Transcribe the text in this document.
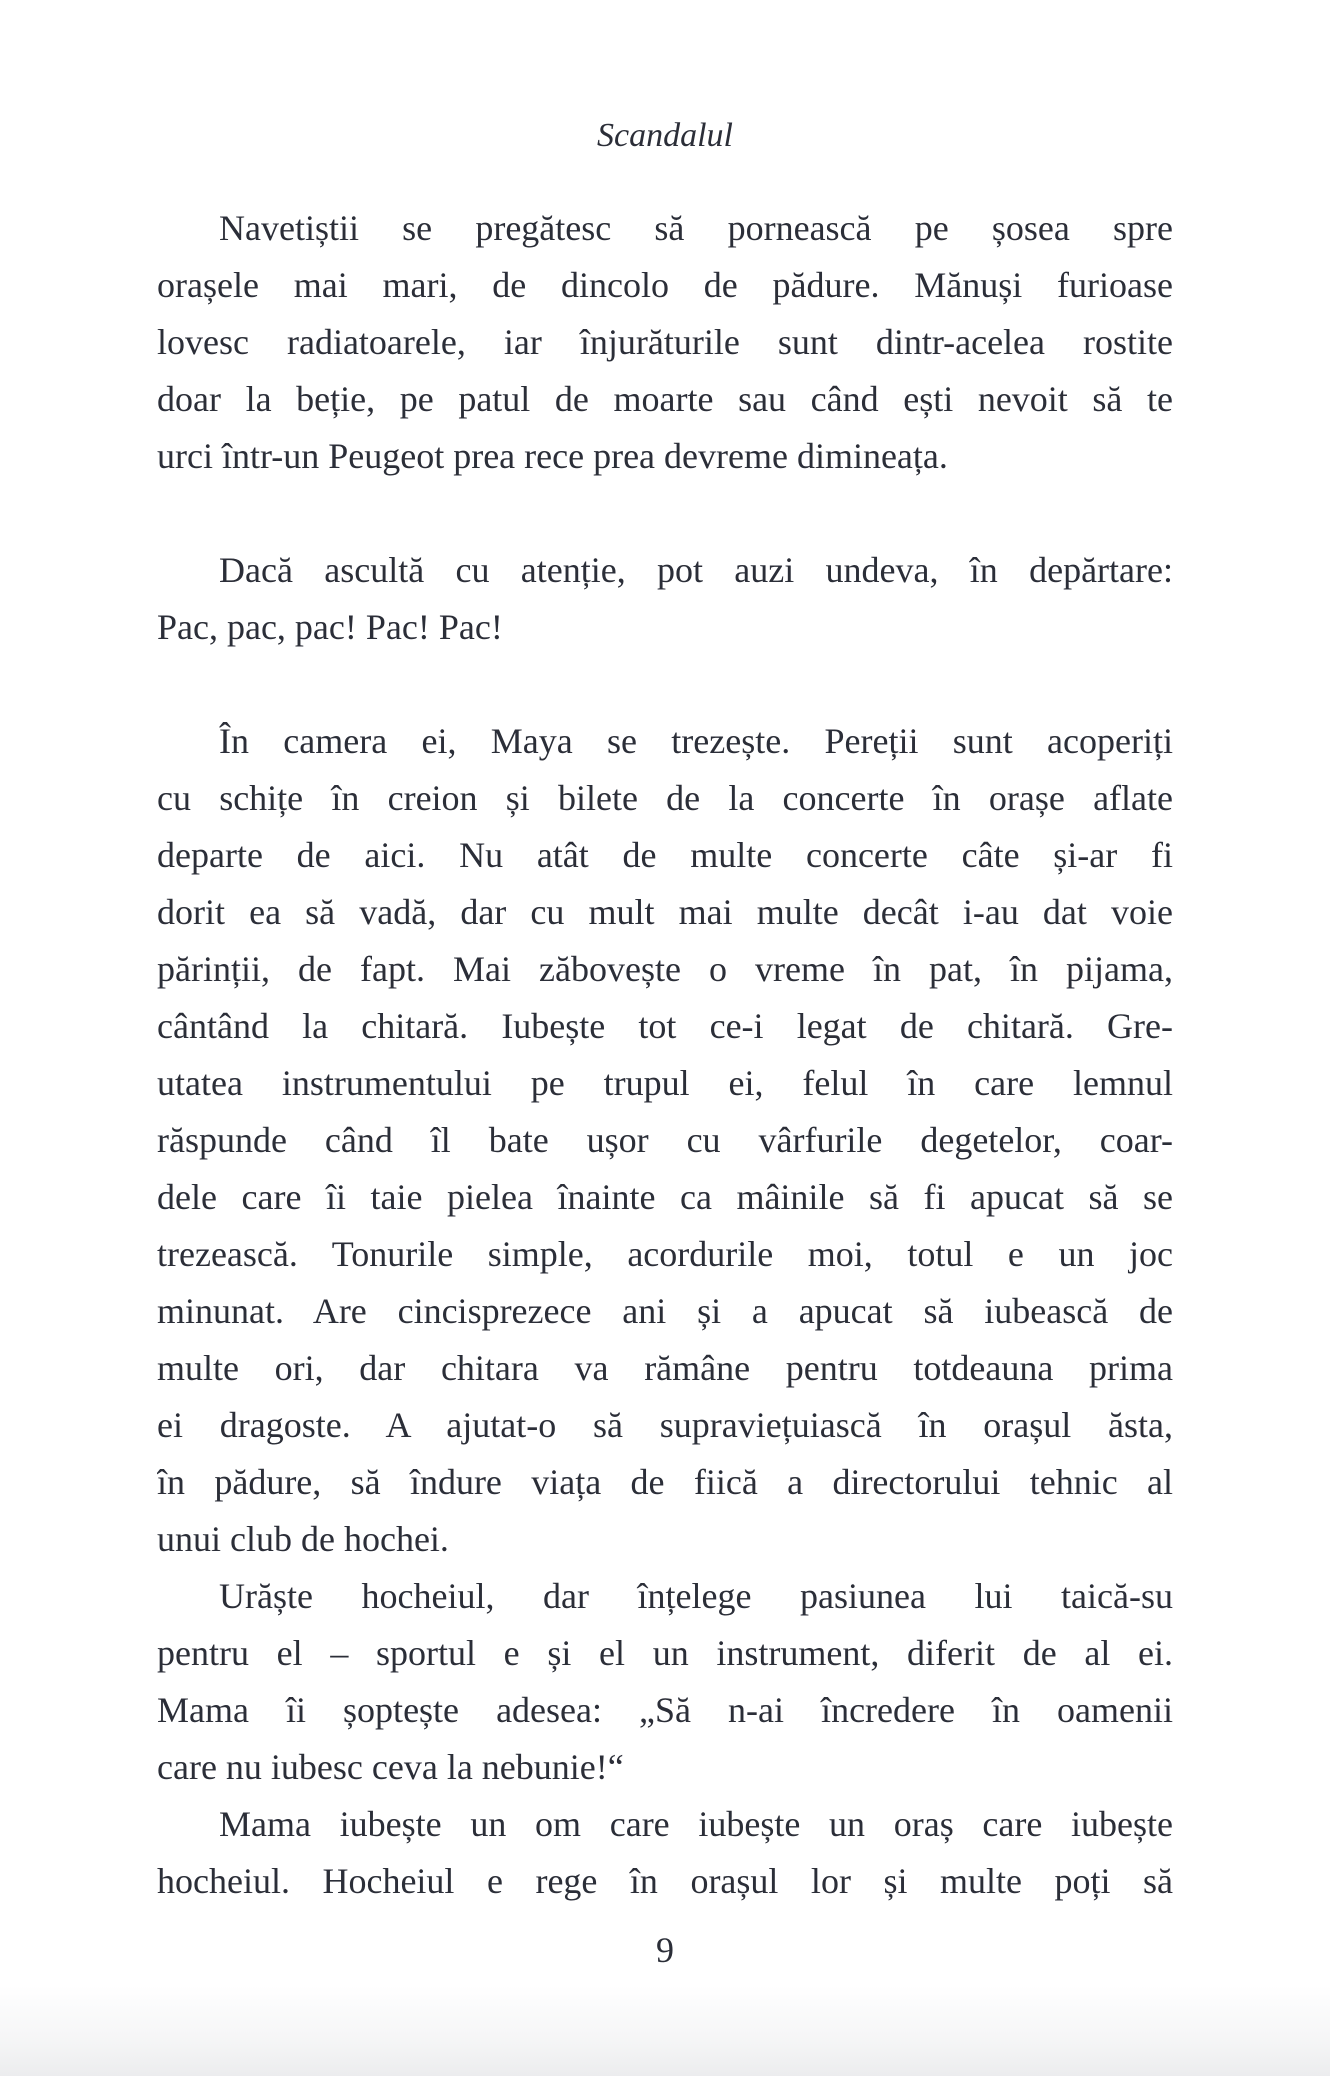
Scandalul
Navetiștii se pregătesc să pornească pe șosea spre
orașele mai mari, de dincolo de pădure. Mănuși furioase
lovesc radiatoarele, iar înjurăturile sunt dintr-acelea rostite
doar la beție, pe patul de moarte sau când ești nevoit să te
urci într-un Peugeot prea rece prea devreme dimineața.
Dacă ascultă cu atenție, pot auzi undeva, în depărtare:
Pac, pac, pac! Pac! Pac!
În camera ei, Maya se trezește. Pereții sunt acoperiți
cu schițe în creion și bilete de la concerte în orașe aflate
departe de aici. Nu atât de multe concerte câte și-ar fi
dorit ea să vadă, dar cu mult mai multe decât i-au dat voie
părinții, de fapt. Mai zăbovește o vreme în pat, în pijama,
cântând la chitară. Iubește tot ce-i legat de chitară. Gre-
utatea instrumentului pe trupul ei, felul în care lemnul
răspunde când îl bate ușor cu vârfurile degetelor, coar-
dele care îi taie pielea înainte ca mâinile să fi apucat să se
trezească. Tonurile simple, acordurile moi, totul e un joc
minunat. Are cincisprezece ani și a apucat să iubească de
multe ori, dar chitara va rămâne pentru totdeauna prima
ei dragoste. A ajutat-o să supraviețuiască în orașul ăsta,
în pădure, să îndure viața de fiică a directorului tehnic al
unui club de hochei.
Urăște hocheiul, dar înțelege pasiunea lui taică-su
pentru el – sportul e și el un instrument, diferit de al ei.
Mama îi șoptește adesea: „Să n-ai încredere în oamenii
care nu iubesc ceva la nebunie!“
Mama iubește un om care iubește un oraș care iubește
hocheiul. Hocheiul e rege în orașul lor și multe poți să
9
